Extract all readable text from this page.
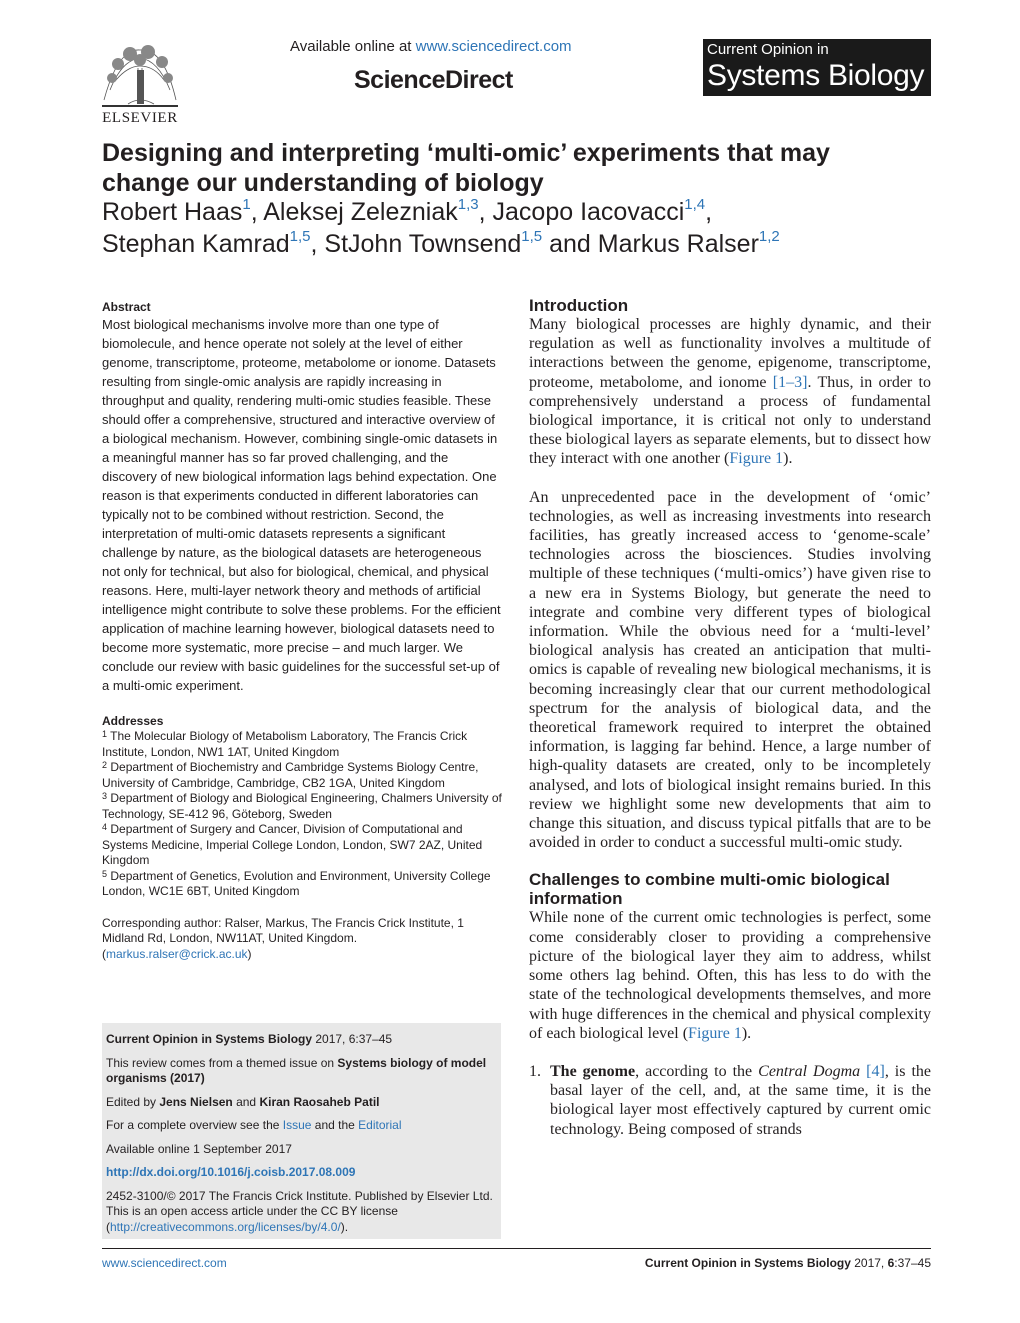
ELSEVIER
Available online at www.sciencedirect.com
ScienceDirect
Current Opinion in
Systems Biology
Designing and interpreting ‘multi-omic’ experiments that may change our understanding of biology
Robert Haas$^1$, Aleksej Zelezniak$^{1,3}$, Jacopo Iacovacci$^{1,4}$,
Stephan Kamrad$^{1,5}$, StJohn Townsend$^{1,5}$ and Markus Ralser$^{1,2}$
Abstract

Most biological mechanisms involve more than one type of biomolecule, and hence operate not solely at the level of either genome, transcriptome, proteome, metabolome or ionome. Datasets resulting from single-omic analysis are rapidly increasing in throughput and quality, rendering multi-omic studies feasible. These should offer a comprehensive, structured and interactive overview of a biological mechanism. However, combining single-omic datasets in a meaningful manner has so far proved challenging, and the discovery of new biological information lags behind expectation. One reason is that experiments conducted in different laboratories can typically not to be combined without restriction. Second, the interpretation of multi-omic datasets represents a significant challenge by nature, as the biological datasets are heterogeneous not only for technical, but also for biological, chemical, and physical reasons. Here, multi-layer network theory and methods of artificial intelligence might contribute to solve these problems. For the efficient application of machine learning however, biological datasets need to become more systematic, more precise – and much larger. We conclude our review with basic guidelines for the successful set-up of a multi-omic experiment.

Addresses

$^1$ The Molecular Biology of Metabolism Laboratory, The Francis Crick Institute, London, NW1 1AT, United Kingdom

$^2$ Department of Biochemistry and Cambridge Systems Biology Centre, University of Cambridge, Cambridge, CB2 1GA, United Kingdom

$^3$ Department of Biology and Biological Engineering, Chalmers University of Technology, SE-412 96, Göteborg, Sweden

$^4$ Department of Surgery and Cancer, Division of Computational and Systems Medicine, Imperial College London, London, SW7 2AZ, United Kingdom

$^5$ Department of Genetics, Evolution and Environment, University College London, WC1E 6BT, United Kingdom

Corresponding author: Ralser, Markus, The Francis Crick Institute, 1 Midland Rd, London, NW11AT, United Kingdom. (markus.ralser@crick.ac.uk)

Current Opinion in Systems Biology 2017, 6:37–45

This review comes from a themed issue on Systems biology of model organisms (2017)

Edited by Jens Nielsen and Kiran Raosaheb Patil

For a complete overview see the Issue and the Editorial

Available online 1 September 2017

http://dx.doi.org/10.1016/j.coisb.2017.08.009

2452-3100/© 2017 The Francis Crick Institute. Published by Elsevier Ltd. This is an open access article under the CC BY license (http://creativecommons.org/licenses/by/4.0/).

Introduction

Many biological processes are highly dynamic, and their regulation as well as functionality involves a multitude of interactions between the genome, epigenome, transcriptome, proteome, metabolome, and ionome [1–3]. Thus, in order to comprehensively understand a process of fundamental biological importance, it is critical not only to understand these biological layers as separate elements, but to dissect how they interact with one another (Figure 1).

An unprecedented pace in the development of ‘omic’ technologies, as well as increasing investments into research facilities, has greatly increased access to ‘genome-scale’ technologies across the biosciences. Studies involving multiple of these techniques (‘multi-omics’) have given rise to a new era in Systems Biology, but generate the need to integrate and combine very different types of biological information. While the obvious need for a ‘multi-level’ biological analysis has created an anticipation that multi-omics is capable of revealing new biological mechanisms, it is becoming increasingly clear that our current methodological spectrum for the analysis of biological data, and the theoretical framework required to interpret the obtained information, is lagging far behind. Hence, a large number of high-quality datasets are created, only to be incompletely analysed, and lots of biological insight remains buried. In this review we highlight some new developments that aim to change this situation, and discuss typical pitfalls that are to be avoided in order to conduct a successful multi-omic study.

Challenges to combine multi-omic biological information

While none of the current omic technologies is perfect, some come considerably closer to providing a comprehensive picture of the biological layer they aim to address, whilst some others lag behind. Often, this has less to do with the state of the technological developments themselves, and more with huge differences in the chemical and physical complexity of each biological level (Figure 1).

1. The genome, according to the Central Dogma [4], is the basal layer of the cell, and, at the same time, it is the biological layer most effectively captured by current omic technology. Being composed of strands
www.sciencedirect.com	Current Opinion in Systems Biology 2017, 6:37–45
